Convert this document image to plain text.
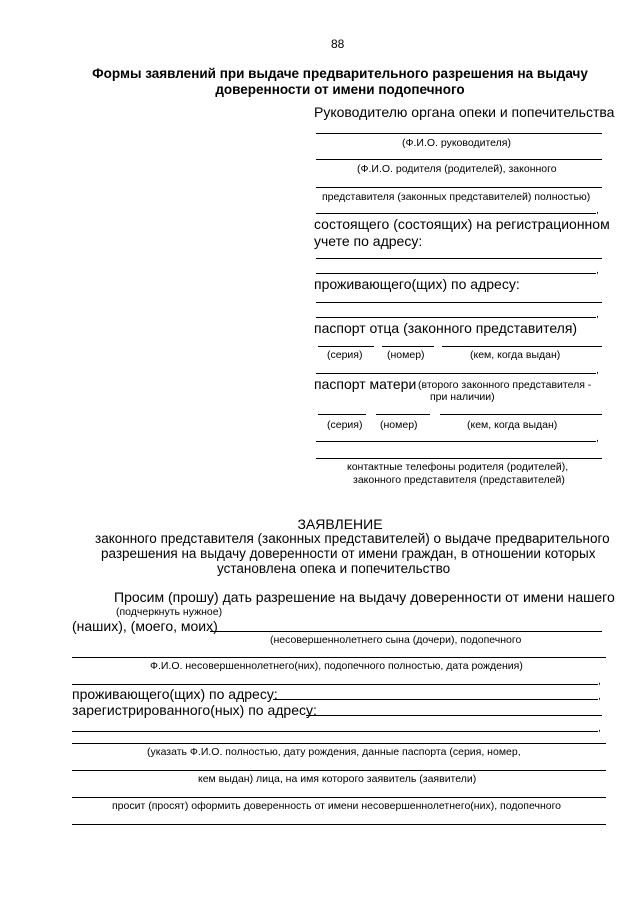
88
Формы заявлений при выдаче предварительного разрешения на выдачу
доверенности от имени подопечного
Руководителю органа опеки и попечительства
(Ф.И.О. руководителя)
(Ф.И.О. родителя (родителей), законного
представителя (законных представителей) полностью)
,
состоящего (состоящих) на регистрационном
учете по адресу:
,
проживающего(щих) по адресу:
,
паспорт отца (законного представителя)
(серия) (номер)	(кем, когда выдан)
,
паспорт матери (второго законного представителя -
при наличии)
(серия) (номер)	(кем, когда выдан)
,
контактные телефоны родителя (родителей),
законного представителя (представителей)
ЗАЯВЛЕНИЕ
законного представителя (законных представителей) о выдаче предварительного
разрешения на выдачу доверенности от имени граждан, в отношении которых
установлена опека и попечительство
Просим (прошу) дать разрешение на выдачу доверенности от имени нашего
(подчеркнуть нужное)
(наших), (моего, моих)
(несовершеннолетнего сына (дочери), подопечного
Ф.И.О. несовершеннолетнего(них), подопечного полностью, дата рождения)
,
проживающего(щих) по адресу:	,
зарегистрированного(ных) по адресу:
,
(указать Ф.И.О. полностью, дату рождения, данные паспорта (серия, номер,
кем выдан) лица, на имя которого заявитель (заявители)
просит (просят) оформить доверенность от имени несовершеннолетнего(них), подопечного
